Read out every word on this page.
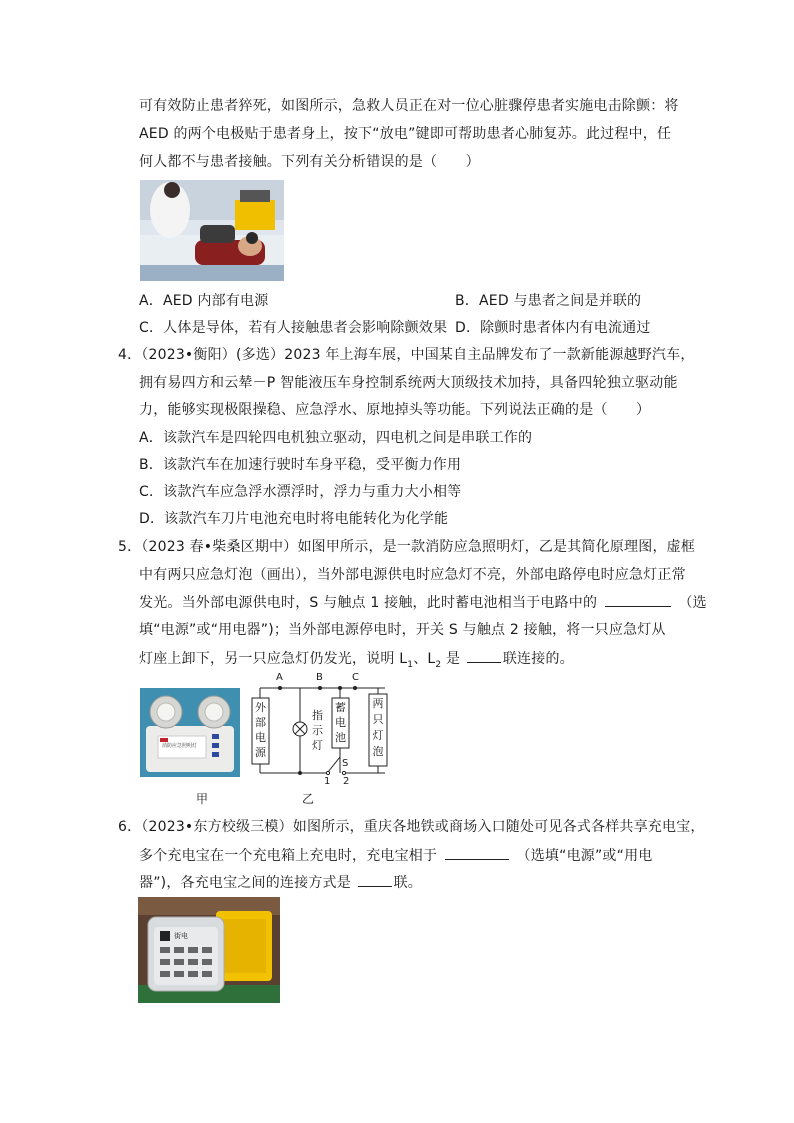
可有效防止患者猝死，如图所示，急救人员正在对一位心脏骤停患者实施电击除颤：将
AED 的两个电极贴于患者身上，按下“放电”键即可帮助患者心肺复苏。此过程中，任
何人都不与患者接触。下列有关分析错误的是（　　）
A．AED 内部有电源	B．AED 与患者之间是并联的
C．人体是导体，若有人接触患者会影响除颤效果 D．除颤时患者体内有电流通过
4．（2023•衡阳）(多选）2023 年上海车展，中国某自主品牌发布了一款新能源越野汽车，
拥有易四方和云辇－P 智能液压车身控制系统两大顶级技术加持，具备四轮独立驱动能
力，能够实现极限操稳、应急浮水、原地掉头等功能。下列说法正确的是（　　）
A．该款汽车是四轮四电机独立驱动，四电机之间是串联工作的
B．该款汽车在加速行驶时车身平稳，受平衡力作用
C．该款汽车应急浮水漂浮时，浮力与重力大小相等
D．该款汽车刀片电池充电时将电能转化为化学能
5．（2023 春•柴桑区期中）如图甲所示，是一款消防应急照明灯，乙是其简化原理图，虚框
中有两只应急灯泡（画出），当外部电源供电时应急灯不亮，外部电路停电时应急灯正常
发光。当外部电源供电时，S 与触点 1 接触，此时蓄电池相当于电路中的	（选
填“电源”或“用电器”)；当外部电源停电时，开关 S 与触点 2 接触，将一只应急灯从
灯座上卸下，另一只应急灯仍发光，说明 $L_1$、$L_2$ 是	联连接的。
消防应急照明灯
甲
A	B	C
S
1 2
外
部
电
源
指
示
灯
蓄
电
池
两
只
灯
泡
乙
6．（2023•东方校级三模）如图所示，重庆各地铁或商场入口随处可见各式各样共享充电宝，
多个充电宝在一个充电箱上充电时，充电宝相于	（选填“电源”或“用电
器”)，各充电宝之间的连接方式是	联。
街电
